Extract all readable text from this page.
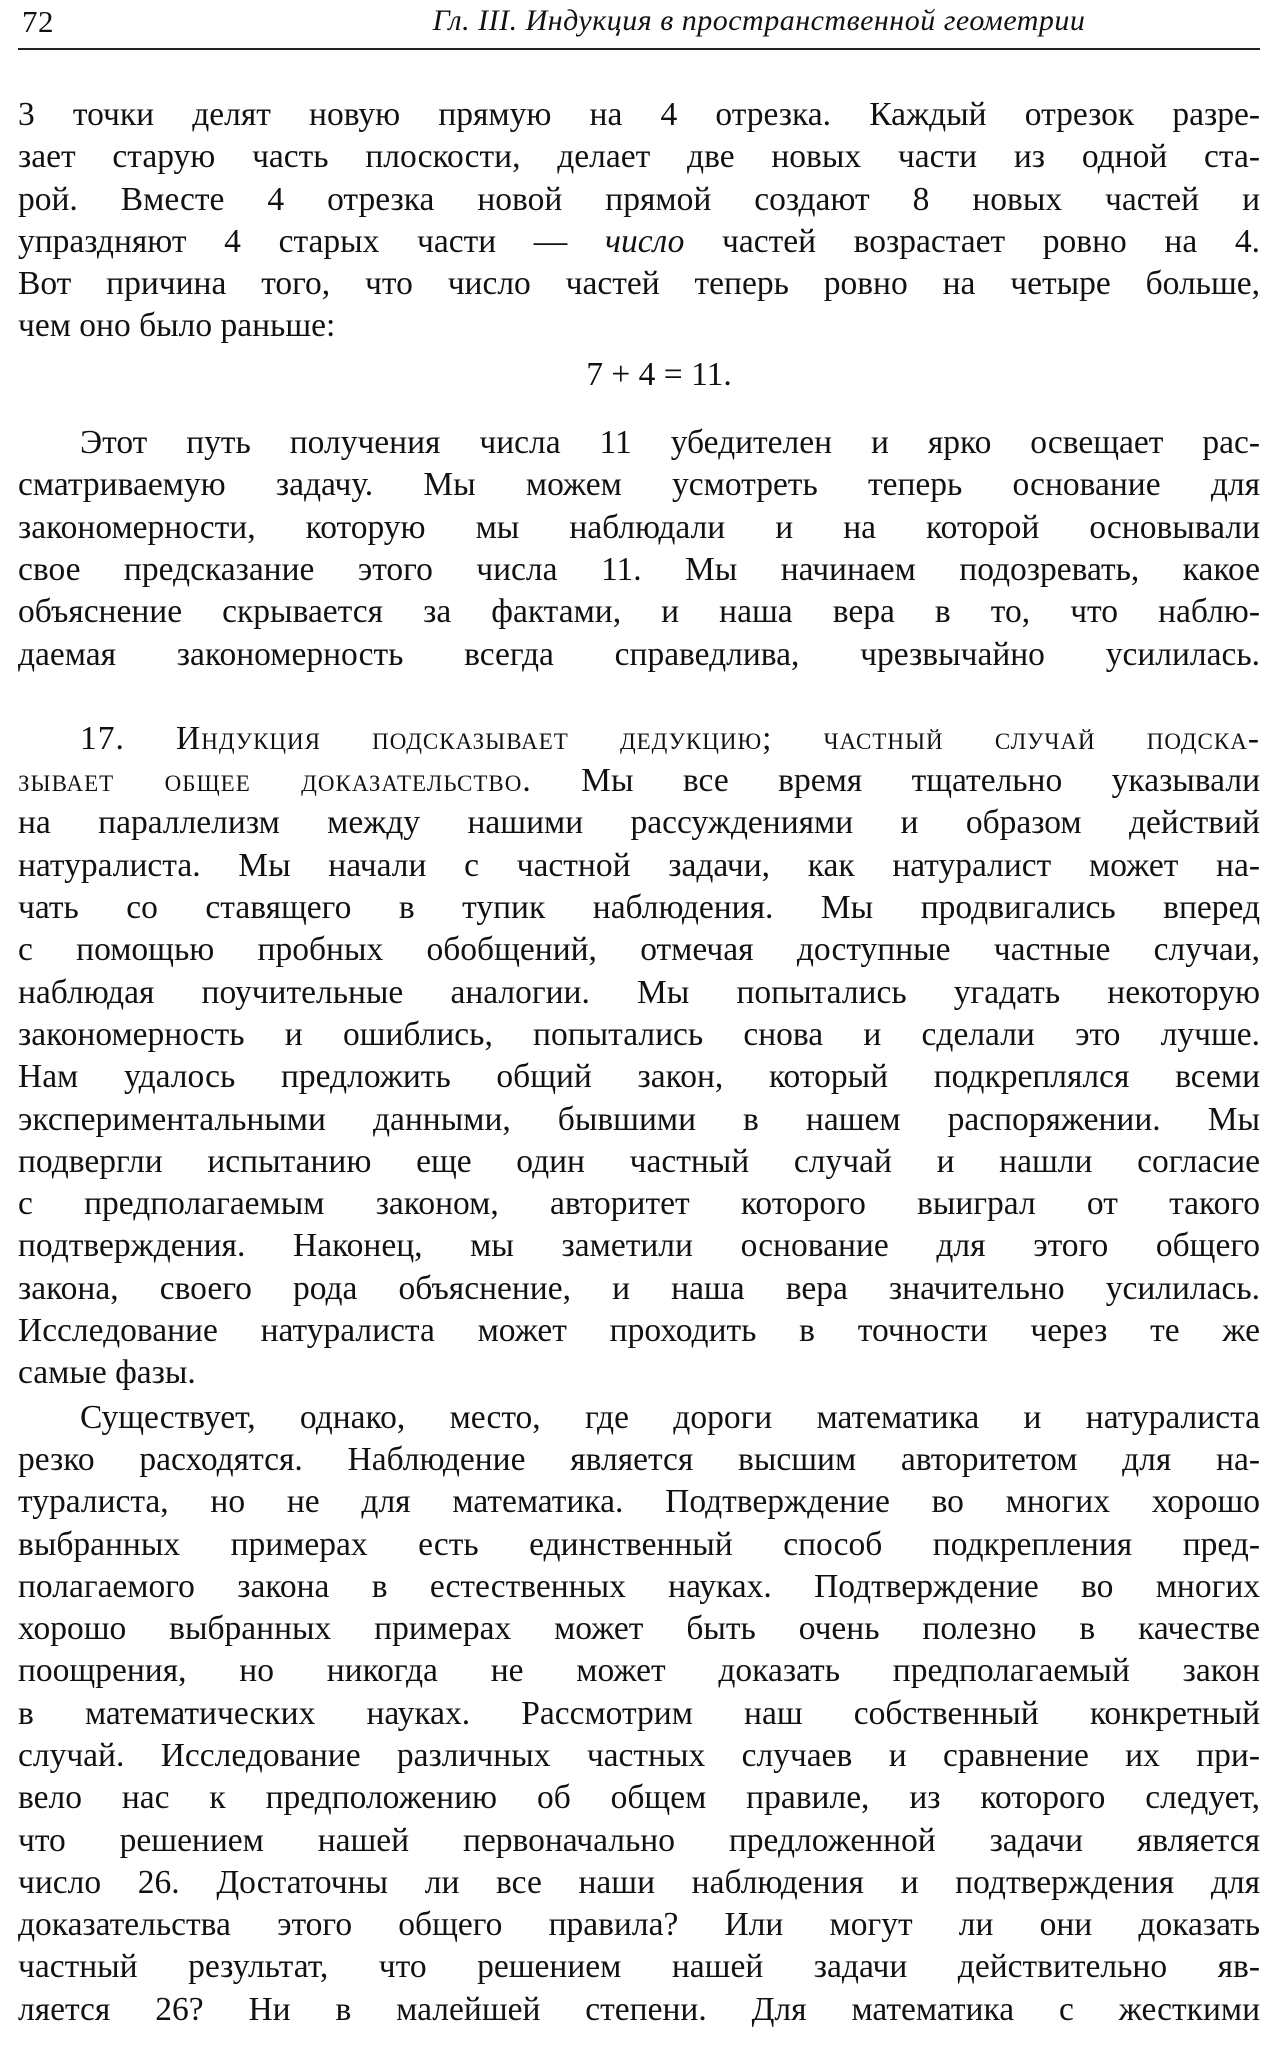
72	Гл. III. Индукция в пространственной геометрии
3 точки делят новую прямую на 4 отрезка. Каждый отрезок разре-
зает старую часть плоскости, делает две новых части из одной ста-
рой. Вместе 4 отрезка новой прямой создают 8 новых частей и
упраздняют 4 старых части — число частей возрастает ровно на 4.
Вот причина того, что число частей теперь ровно на четыре больше,
чем оно было раньше:
7 + 4 = 11.
Этот путь получения числа 11 убедителен и ярко освещает рас-
сматриваемую задачу. Мы можем усмотреть теперь основание для
закономерности, которую мы наблюдали и на которой основывали
свое предсказание этого числа 11. Мы начинаем подозревать, какое
объяснение скрывается за фактами, и наша вера в то, что наблю-
даемая закономерность всегда справедлива, чрезвычайно усилилась.
17. Индукция подсказывает дедукцию; частный случай подска-
зывает общее доказательство. Мы все время тщательно указывали
на параллелизм между нашими рассуждениями и образом действий
натуралиста. Мы начали с частной задачи, как натуралист может на-
чать со ставящего в тупик наблюдения. Мы продвигались вперед
с помощью пробных обобщений, отмечая доступные частные случаи,
наблюдая поучительные аналогии. Мы попытались угадать некоторую
закономерность и ошиблись, попытались снова и сделали это лучше.
Нам удалось предложить общий закон, который подкреплялся всеми
экспериментальными данными, бывшими в нашем распоряжении. Мы
подвергли испытанию еще один частный случай и нашли согласие
с предполагаемым законом, авторитет которого выиграл от такого
подтверждения. Наконец, мы заметили основание для этого общего
закона, своего рода объяснение, и наша вера значительно усилилась.
Исследование натуралиста может проходить в точности через те же
самые фазы.
Существует, однако, место, где дороги математика и натуралиста
резко расходятся. Наблюдение является высшим авторитетом для на-
туралиста, но не для математика. Подтверждение во многих хорошо
выбранных примерах есть единственный способ подкрепления пред-
полагаемого закона в естественных науках. Подтверждение во многих
хорошо выбранных примерах может быть очень полезно в качестве
поощрения, но никогда не может доказать предполагаемый закон
в математических науках. Рассмотрим наш собственный конкретный
случай. Исследование различных частных случаев и сравнение их при-
вело нас к предположению об общем правиле, из которого следует,
что решением нашей первоначально предложенной задачи является
число 26. Достаточны ли все наши наблюдения и подтверждения для
доказательства этого общего правила? Или могут ли они доказать
частный результат, что решением нашей задачи действительно яв-
ляется 26? Ни в малейшей степени. Для математика с жесткими
